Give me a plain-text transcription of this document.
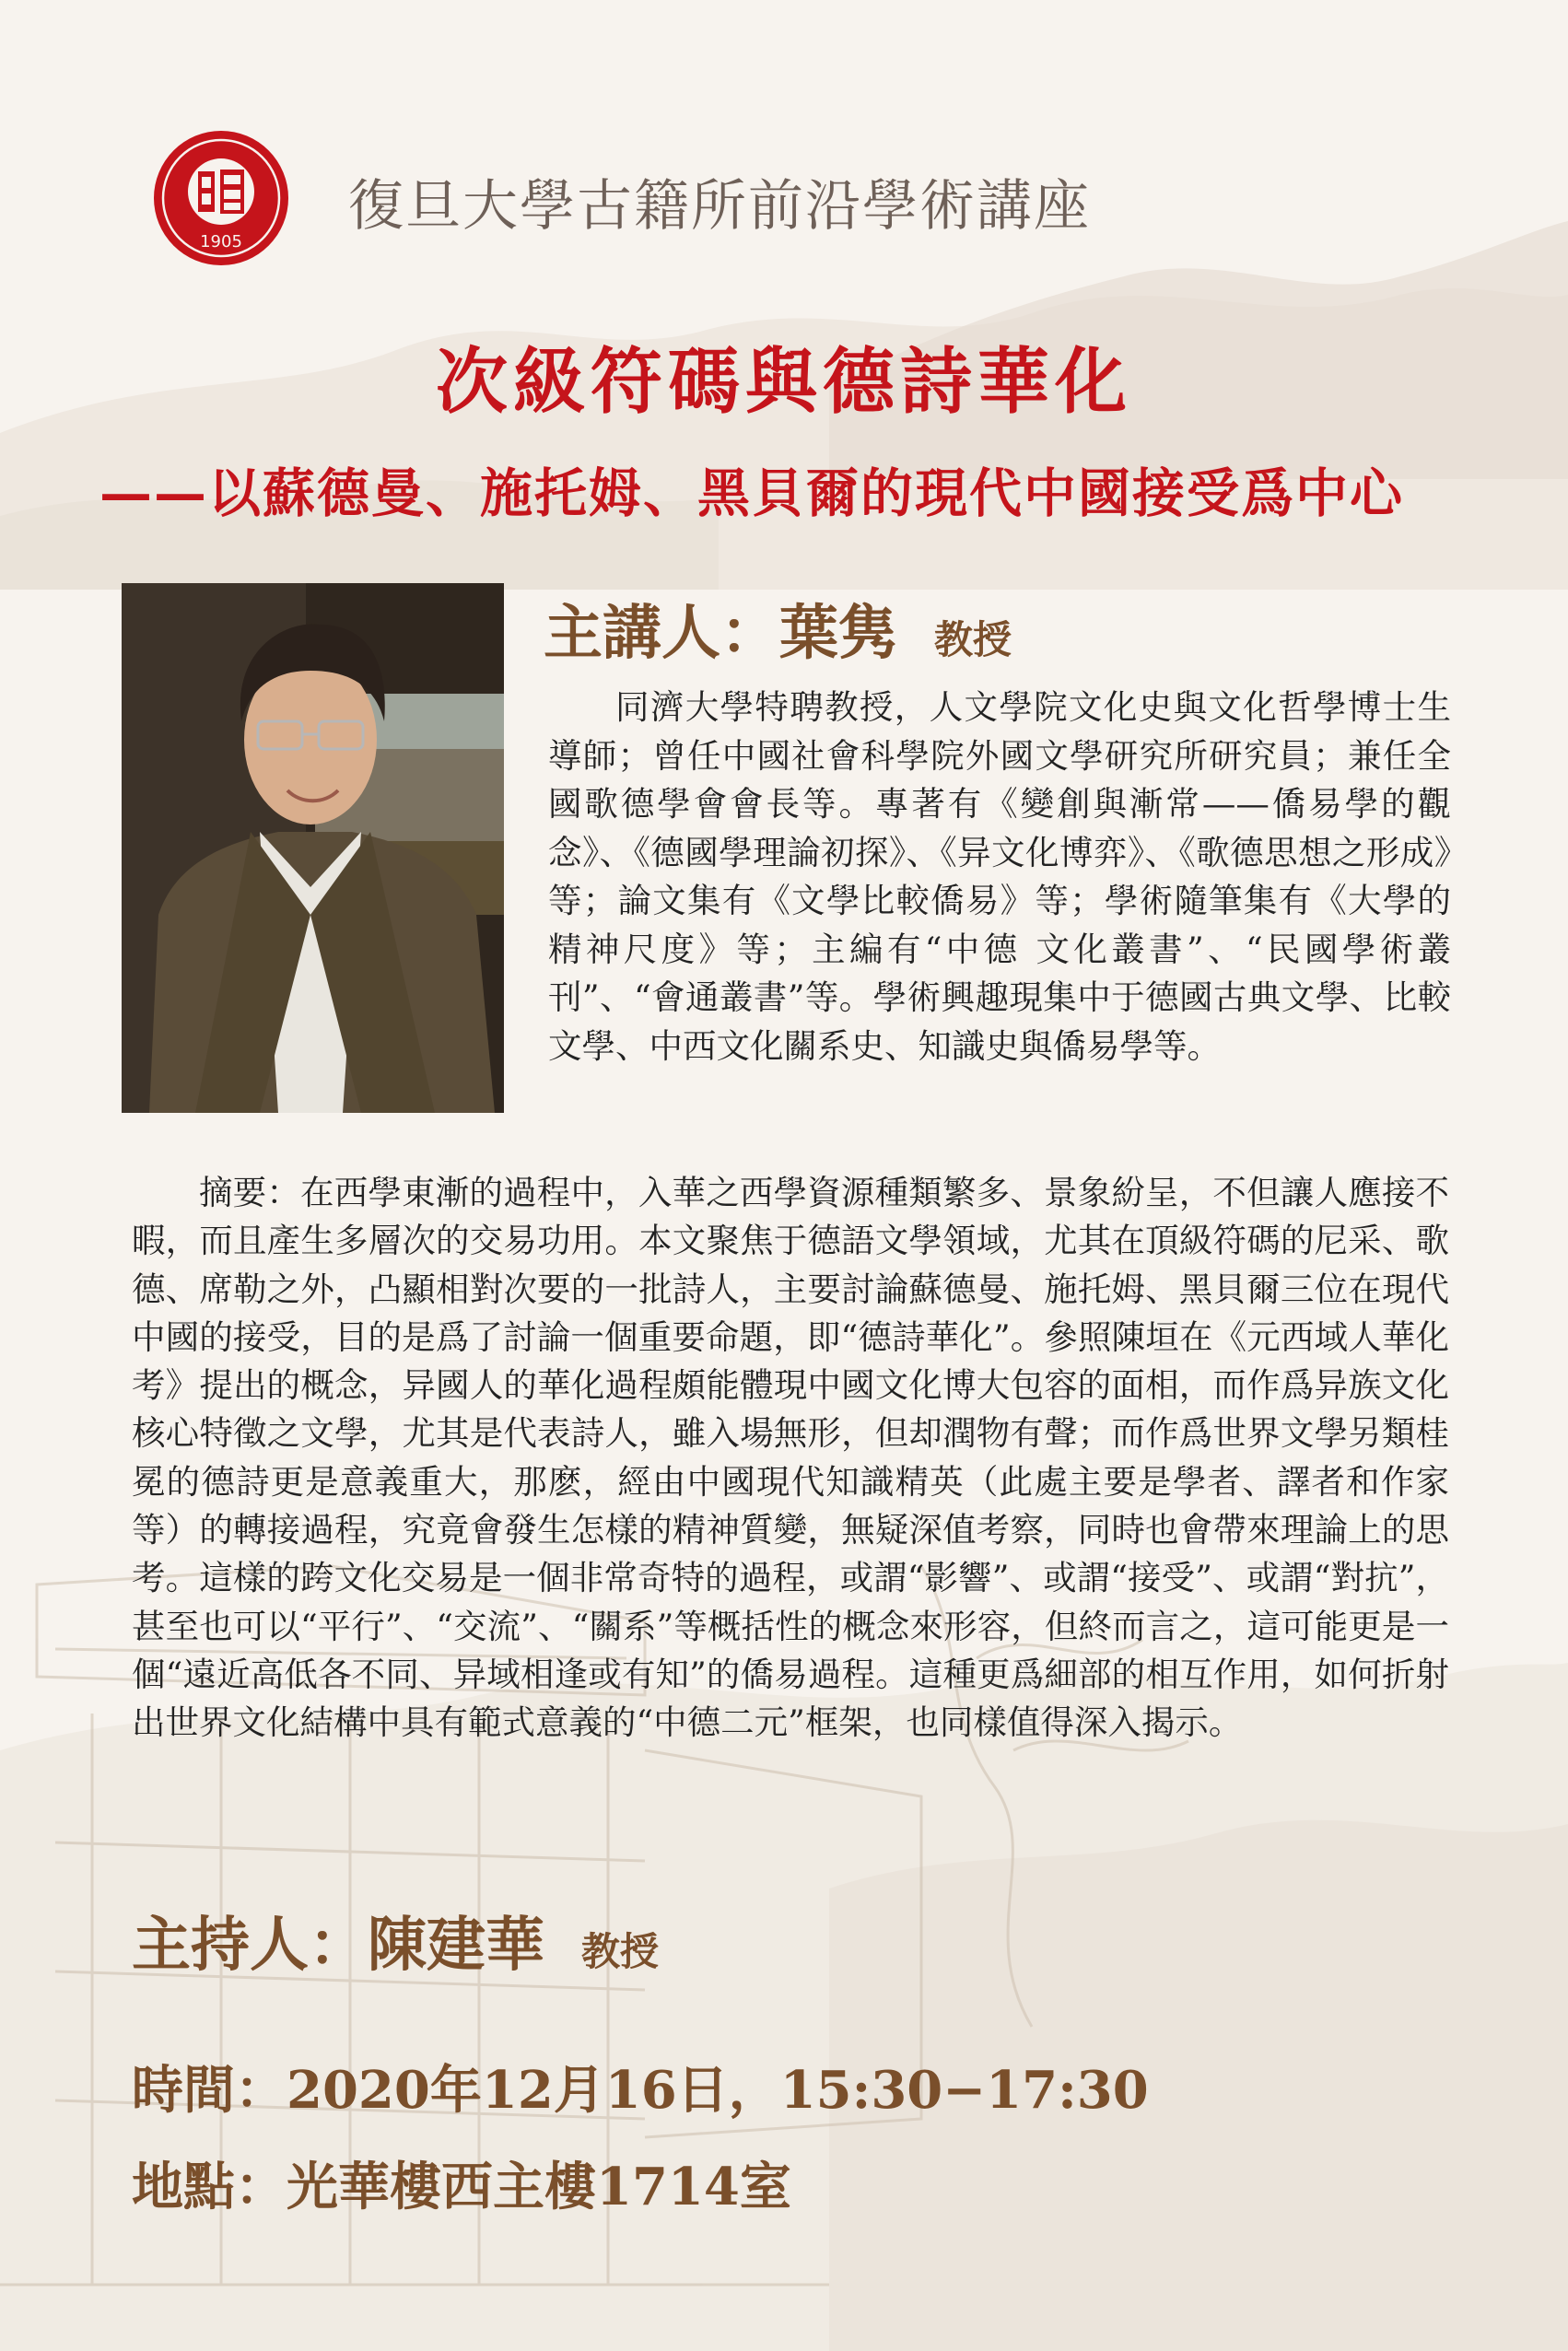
1905
復旦大學古籍所前沿學術講座
次級符碼與德詩華化
——以蘇德曼、施托姆、黑貝爾的現代中國接受爲中心
主講人：葉隽 教授

同濟大學特聘教授，人文學院文化史與文化哲學博士生導師；曾任中國社會科學院外國文學研究所研究員；兼任全國歌德學會會長等。專著有《變創與漸常——僑易學的觀念》、《德國學理論初探》、《异文化博弈》、《歌德思想之形成》等；論文集有《文學比較僑易》等；學術隨筆集有《大學的精神尺度》等；主編有“中德 文化叢書”、“民國學術叢刊”、“會通叢書”等。學術興趣現集中于德國古典文學、比較文學、中西文化關系史、知識史與僑易學等。

摘要：在西學東漸的過程中，入華之西學資源種類繁多、景象紛呈，不但讓人應接不暇，而且產生多層次的交易功用。本文聚焦于德語文學領域，尤其在頂級符碼的尼采、歌德、席勒之外，凸顯相對次要的一批詩人，主要討論蘇德曼、施托姆、黑貝爾三位在現代中國的接受，目的是爲了討論一個重要命題，即“德詩華化”。參照陳垣在《元西域人華化考》提出的概念，异國人的華化過程頗能體現中國文化博大包容的面相，而作爲异族文化核心特徵之文學，尤其是代表詩人，雖入場無形，但却潤物有聲；而作爲世界文學另類桂冕的德詩更是意義重大，那麽，經由中國現代知識精英（此處主要是學者、譯者和作家等）的轉接過程，究竟會發生怎樣的精神質變，無疑深值考察，同時也會帶來理論上的思考。這樣的跨文化交易是一個非常奇特的過程，或謂“影響”、或謂“接受”、或謂“對抗”，甚至也可以“平行”、“交流”、“關系”等概括性的概念來形容，但終而言之，這可能更是一個“遠近高低各不同、异域相逢或有知”的僑易過程。這種更爲細部的相互作用，如何折射出世界文化結構中具有範式意義的“中德二元”框架，也同樣值得深入揭示。

主持人：陳建華 教授
時間：2020年12月16日，15:30−17:30
地點：光華樓西主樓1714室
